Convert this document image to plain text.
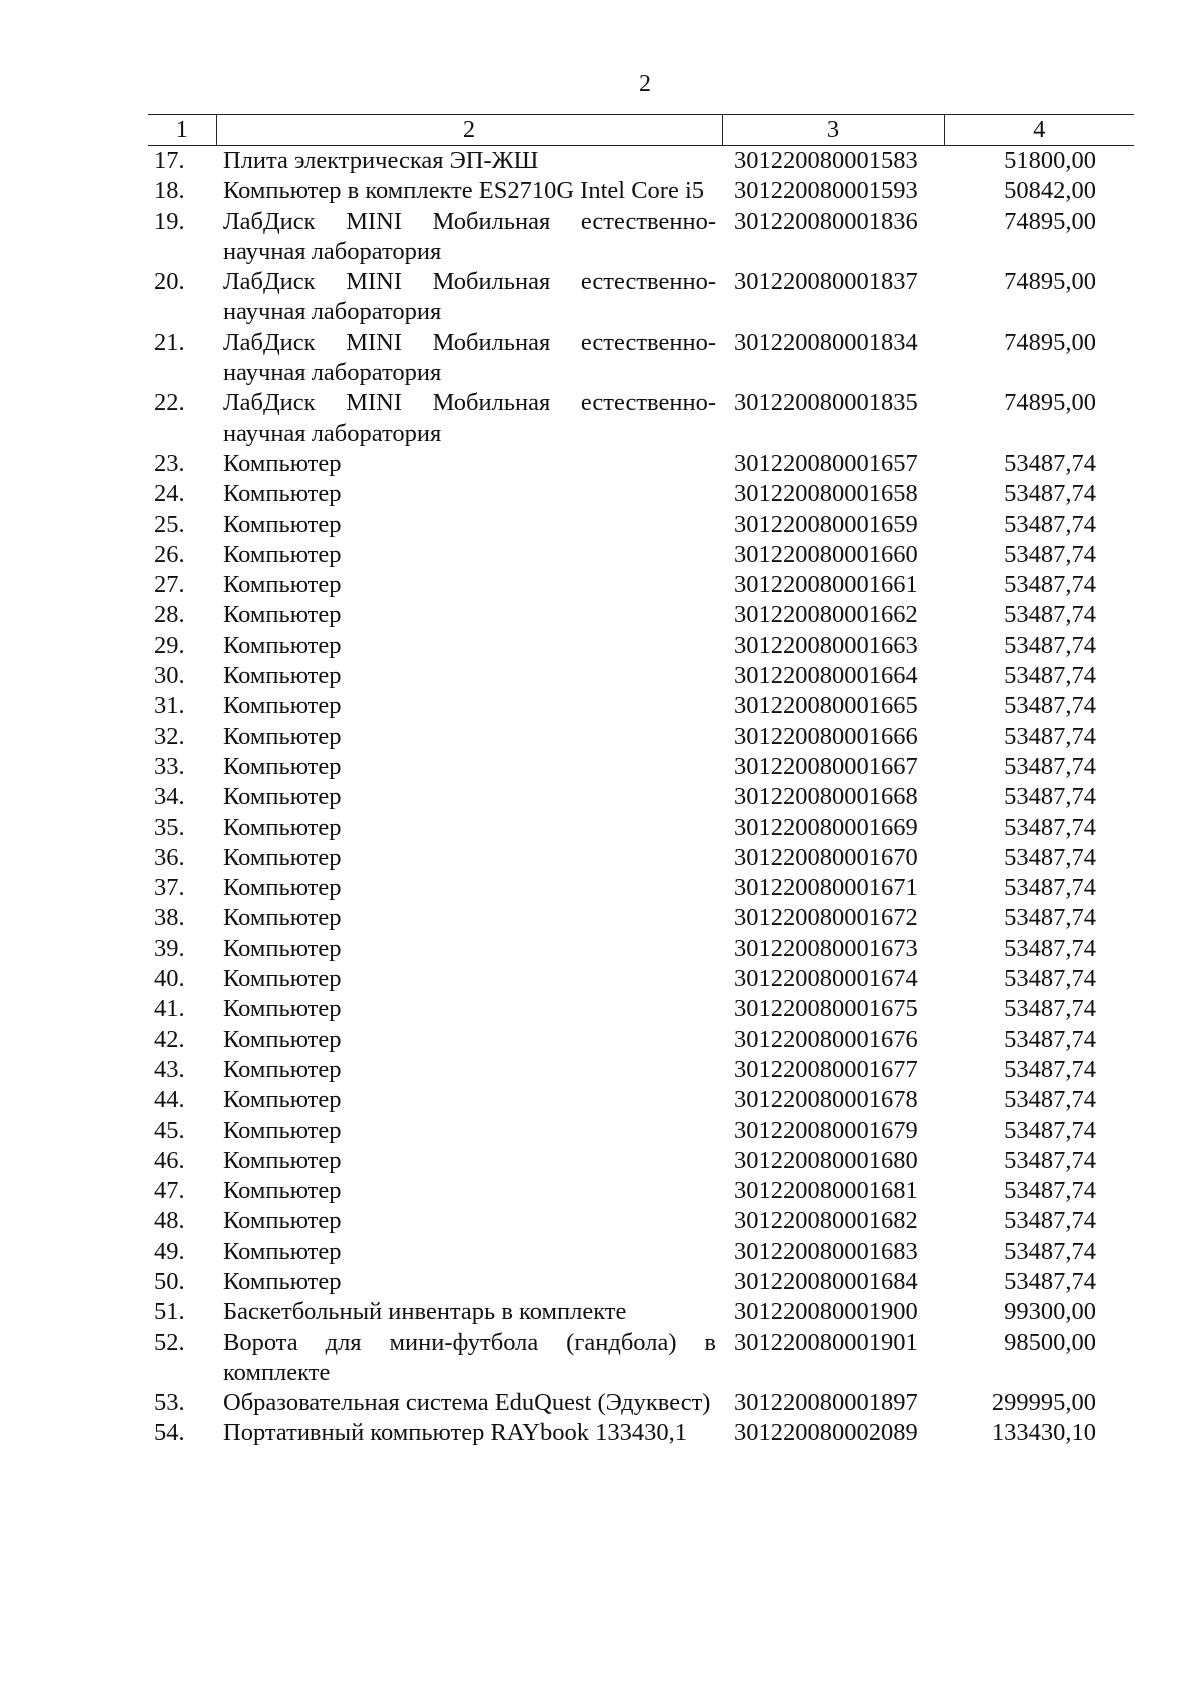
2
1	2	3	4
17.	Плита электрическая ЭП-ЖШ	301220080001583	51800,00
18.	Компьютер в комплекте ES2710G Intel Core i5	301220080001593	50842,00
19.	ЛабДиск MINI Мобильная естественно-научная лаборатория	301220080001836	74895,00
20.	ЛабДиск MINI Мобильная естественно-научная лаборатория	301220080001837	74895,00
21.	ЛабДиск MINI Мобильная естественно-научная лаборатория	301220080001834	74895,00
22.	ЛабДиск MINI Мобильная естественно-научная лаборатория	301220080001835	74895,00
23.	Компьютер	301220080001657	53487,74
24.	Компьютер	301220080001658	53487,74
25.	Компьютер	301220080001659	53487,74
26.	Компьютер	301220080001660	53487,74
27.	Компьютер	301220080001661	53487,74
28.	Компьютер	301220080001662	53487,74
29.	Компьютер	301220080001663	53487,74
30.	Компьютер	301220080001664	53487,74
31.	Компьютер	301220080001665	53487,74
32.	Компьютер	301220080001666	53487,74
33.	Компьютер	301220080001667	53487,74
34.	Компьютер	301220080001668	53487,74
35.	Компьютер	301220080001669	53487,74
36.	Компьютер	301220080001670	53487,74
37.	Компьютер	301220080001671	53487,74
38.	Компьютер	301220080001672	53487,74
39.	Компьютер	301220080001673	53487,74
40.	Компьютер	301220080001674	53487,74
41.	Компьютер	301220080001675	53487,74
42.	Компьютер	301220080001676	53487,74
43.	Компьютер	301220080001677	53487,74
44.	Компьютер	301220080001678	53487,74
45.	Компьютер	301220080001679	53487,74
46.	Компьютер	301220080001680	53487,74
47.	Компьютер	301220080001681	53487,74
48.	Компьютер	301220080001682	53487,74
49.	Компьютер	301220080001683	53487,74
50.	Компьютер	301220080001684	53487,74
51.	Баскетбольный инвентарь в комплекте	301220080001900	99300,00
52.	Ворота для мини-футбола (гандбола) в комплекте	301220080001901	98500,00
53.	Образовательная система EduQuest (Эдуквест)	301220080001897	299995,00
54.	Портативный компьютер RAYbook 133430,1	301220080002089	133430,10
